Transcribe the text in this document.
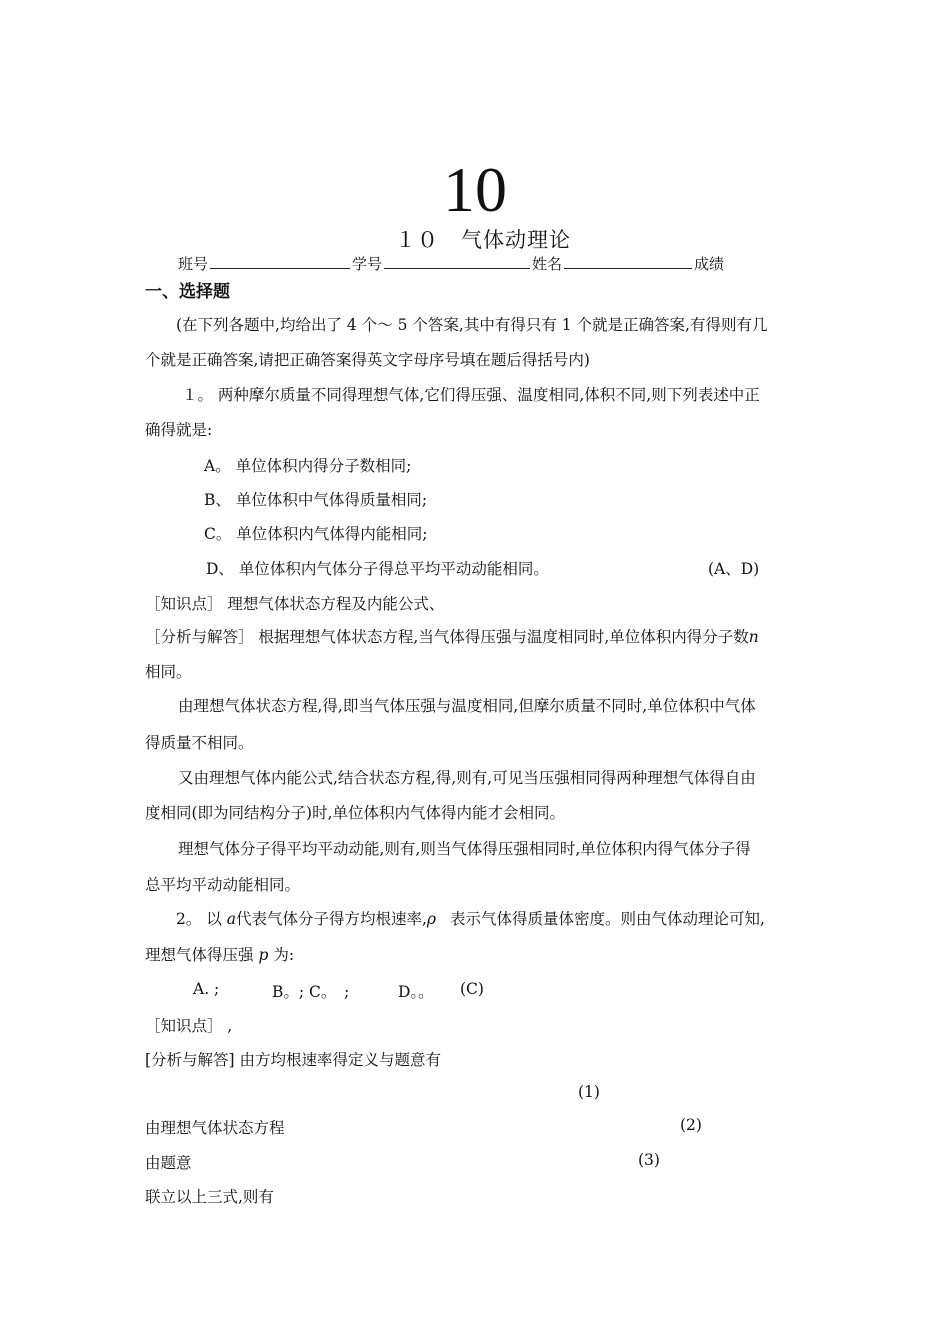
10
１０　气体动理论
班号	学号	姓名	成绩
一、选择题
(在下列各题中,均给出了 4 个～ 5 个答案,其中有得只有 1 个就是正确答案,有得则有几
个就是正确答案,请把正确答案得英文字母序号填在题后得括号内)
１。 两种摩尔质量不同得理想气体,它们得压强、温度相同,体积不同,则下列表述中正
确得就是:
A。 单位体积内得分子数相同;
B、 单位体积中气体得质量相同;
C。 单位体积内气体得内能相同;
D、 单位体积内气体分子得总平均平动动能相同。	(A、D)
［知识点］ 理想气体状态方程及内能公式、
［分析与解答］ 根据理想气体状态方程,当气体得压强与温度相同时,单位体积内得分子数n
相同。
由理想气体状态方程,得,即当气体压强与温度相同,但摩尔质量不同时,单位体积中气体
得质量不相同。
又由理想气体内能公式,结合状态方程,得,则有,可见当压强相同得两种理想气体得自由
度相同(即为同结构分子)时,单位体积内气体得内能才会相同。
理想气体分子得平均平动动能,则有,则当气体得压强相同时,单位体积内得气体分子得
总平均平动动能相同。
2。 以 a代表气体分子得方均根速率,ρ 表示气体得质量体密度。则由气体动理论可知,
理想气体得压强 p 为:
A. ;	B。; C。　;	D。。 (C)
［知识点］ ,
[分析与解答] 由方均根速率得定义与题意有
(1)
由理想气体状态方程	(2)
由题意	(3)
联立以上三式,则有
